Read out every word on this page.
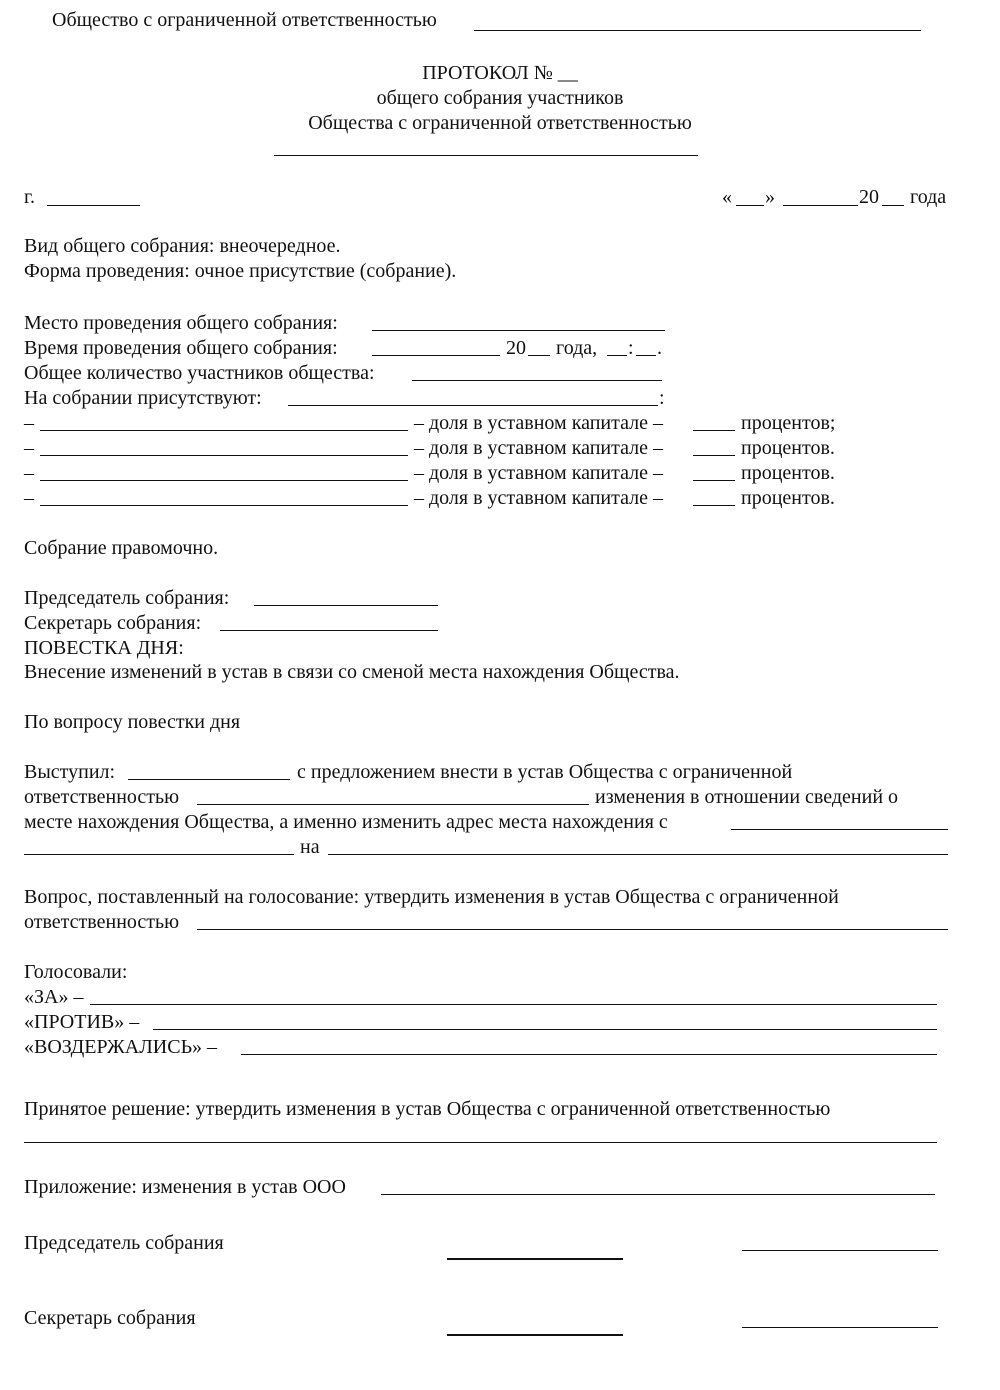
Общество с ограниченной ответственностью
ПРОТОКОЛ № __
общего собрания участников
Общества с ограниченной ответственностью
г.	« »	20 года
Вид общего собрания: внеочередное.
Форма проведения: очное присутствие (собрание).
Место проведения общего собрания:
Время проведения общего собрания:	20 года, : .
Общее количество участников общества:
На собрании присутствуют:	:
–	– доля в уставном капитале –	процентов;
–	– доля в уставном капитале –	процентов.
–	– доля в уставном капитале –	процентов.
–	– доля в уставном капитале –	процентов.
Собрание правомочно.
Председатель собрания:
Секретарь собрания:
ПОВЕСТКА ДНЯ:
Внесение изменений в устав в связи со сменой места нахождения Общества.
По вопросу повестки дня
Выступил:	с предложением внести в устав Общества с ограниченной
ответственностью	изменения в отношении сведений о
месте нахождения Общества, а именно изменить адрес места нахождения с
на
Вопрос, поставленный на голосование: утвердить изменения в устав Общества с ограниченной
ответственностью
Голосовали:
«ЗА» –
«ПРОТИВ» –
«ВОЗДЕРЖАЛИСЬ» –
Принятое решение: утвердить изменения в устав Общества с ограниченной ответственностью
Приложение: изменения в устав ООО
Председатель собрания
Секретарь собрания
